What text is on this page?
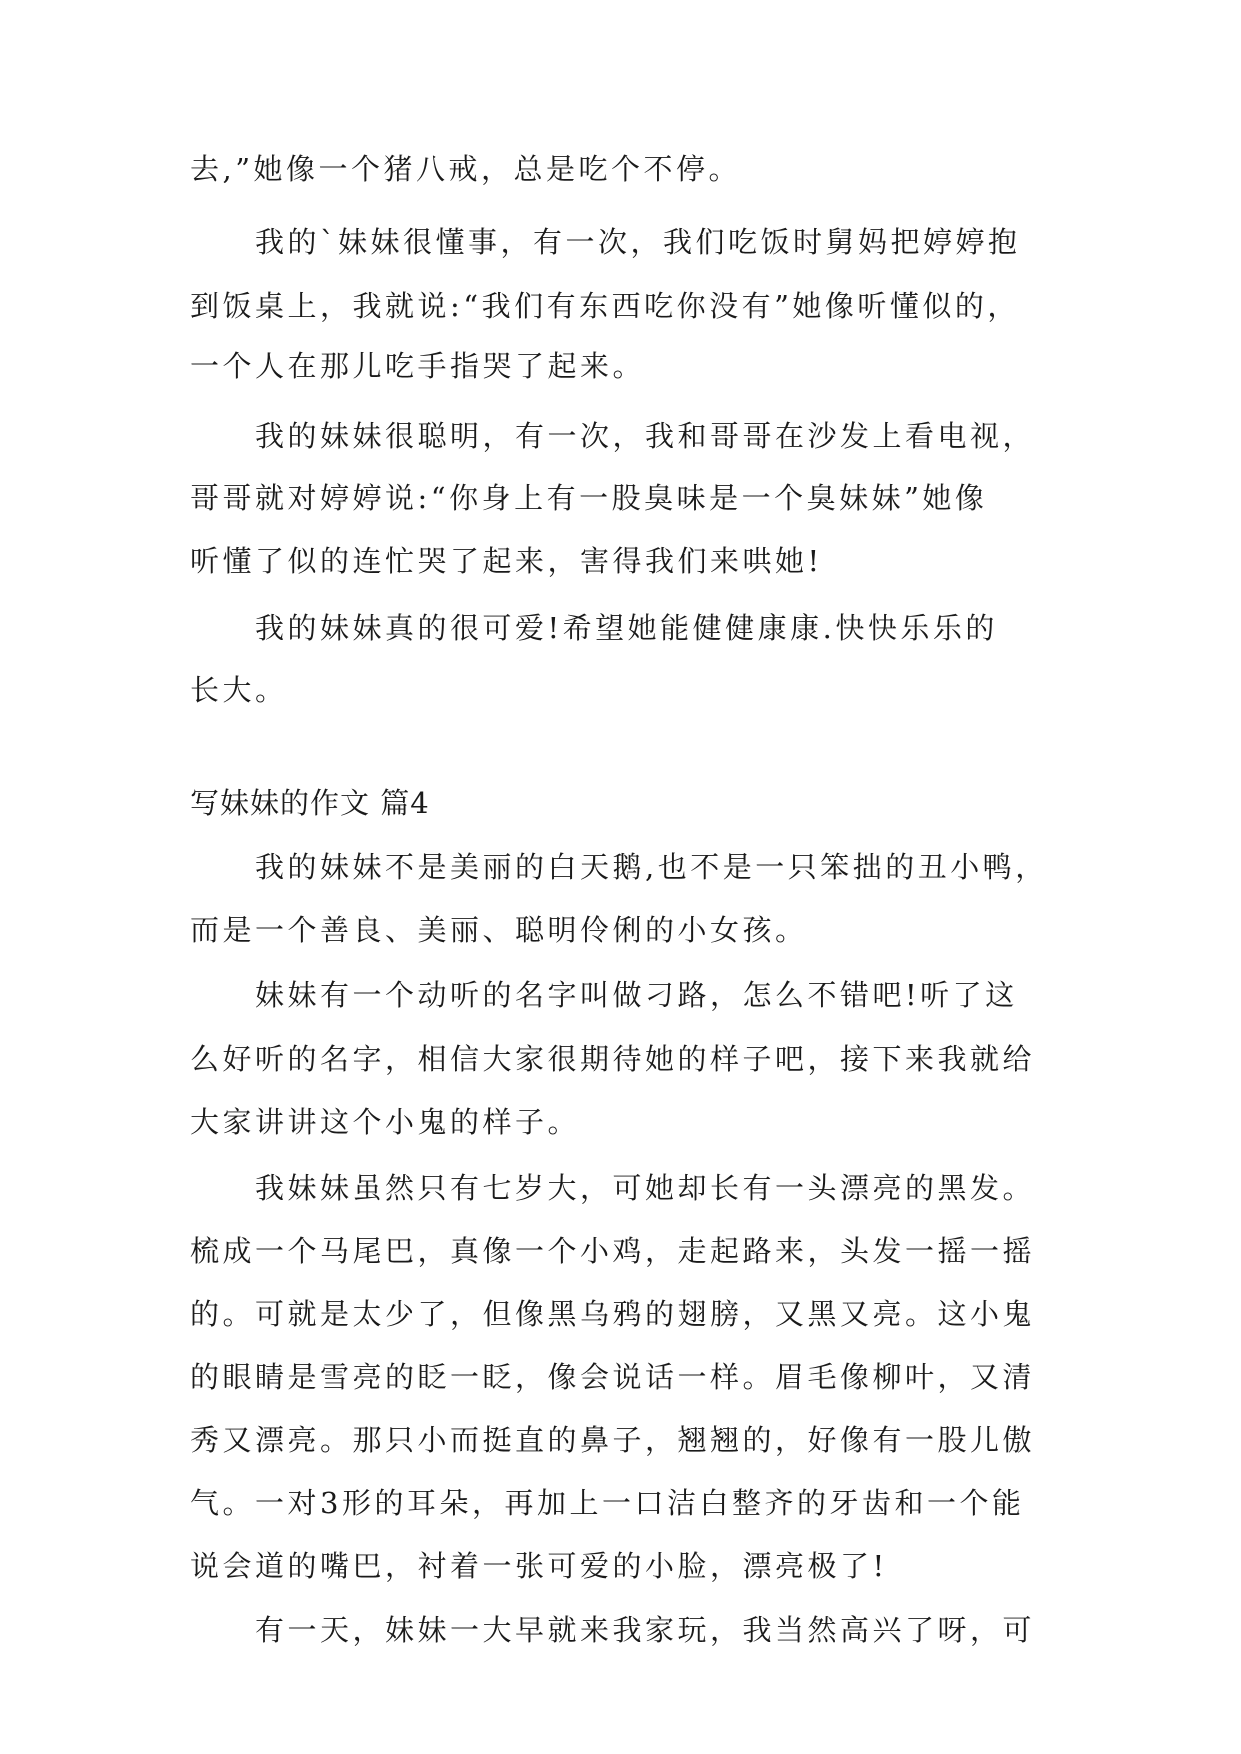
去,”她像一个猪八戒，总是吃个不停。
我的`妹妹很懂事，有一次，我们吃饭时舅妈把婷婷抱
到饭桌上，我就说:“我们有东西吃你没有”她像听懂似的，
一个人在那儿吃手指哭了起来。
我的妹妹很聪明，有一次，我和哥哥在沙发上看电视，
哥哥就对婷婷说:“你身上有一股臭味是一个臭妹妹”她像
听懂了似的连忙哭了起来，害得我们来哄她!
我的妹妹真的很可爱!希望她能健健康康.快快乐乐的
长大。
写妹妹的作文 篇4
我的妹妹不是美丽的白天鹅,也不是一只笨拙的丑小鸭，
而是一个善良、美丽、聪明伶俐的小女孩。
妹妹有一个动听的名字叫做刁路，怎么不错吧!听了这
么好听的名字，相信大家很期待她的样子吧，接下来我就给
大家讲讲这个小鬼的样子。
我妹妹虽然只有七岁大，可她却长有一头漂亮的黑发。
梳成一个马尾巴，真像一个小鸡，走起路来，头发一摇一摇
的。可就是太少了，但像黑乌鸦的翅膀，又黑又亮。这小鬼
的眼睛是雪亮的眨一眨，像会说话一样。眉毛像柳叶，又清
秀又漂亮。那只小而挺直的鼻子，翘翘的，好像有一股儿傲
气。一对3形的耳朵，再加上一口洁白整齐的牙齿和一个能
说会道的嘴巴，衬着一张可爱的小脸，漂亮极了!
有一天，妹妹一大早就来我家玩，我当然高兴了呀，可
